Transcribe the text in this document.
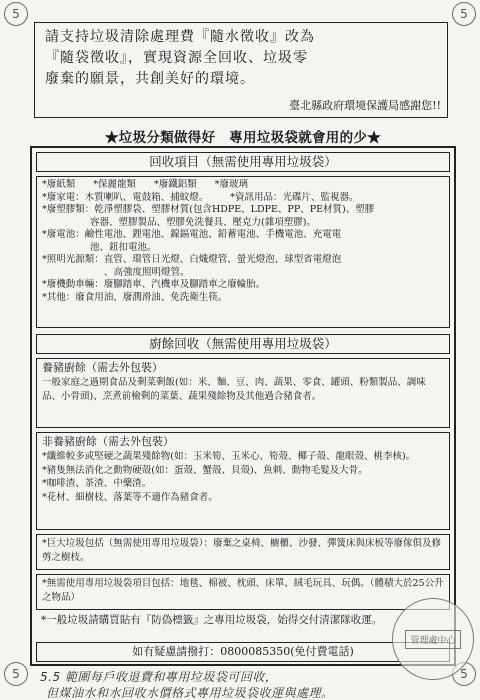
5	5
5	5

請支持垃圾清除處理費『隨水徵收』改為

『隨袋徵收』，實現資源全回收、垃圾零

廢棄的願景，共創美好的環境。

臺北縣政府環境保護局感謝您!!
★垃圾分類做得好　專用垃圾袋就會用的少★
回收項目（無需使用專用垃圾袋）
*廢紙類 *保麗龍類 *廢鐵鋁類 *廢玻璃
*廢家電：木質喇叭、電鼓箱、捕蚊燈。 *資訊用品：光碟片、監視器。
*廢塑膠類：乾淨塑膠袋、塑膠材質(包含HDPE、LDPE、PP、PE材質)、塑膠
容器、塑膠製品、塑膠免洗餐具、壓克力(雜項塑膠)。
*廢電池：鹼性電池、鋰電池、鎳鎘電池、鉛蓄電池、手機電池、充電電
池、鈕扣電池。
*照明光源類：直管、環管日光燈、白熾燈管、螢光燈泡、球型省電燈泡
、高強度照明燈管。
*廢機動車輛：廢腳踏車、汽機車及腳踏車之廢輪胎。
*其他：廢食用油、廢潤滑油、免洗衛生筷。
廚餘回收（無需使用專用垃圾袋）
養豬廚餘（需去外包裝）
一般家庭之過期食品及剩菜剩飯(如：米、麵、豆、肉、蔬果、零食、罐頭、粉類製品、調味品、小骨頭)、烹煮前檢剩的菜葉、蔬果殘餘物及其他過合豬食者。
非養豬廚餘（需去外包裝）
*纖維較多或堅硬之蔬果殘餘物(如：玉米筍、玉米心、筍殼、椰子殼、龍眼殼、桃李核)。
*豬隻無法消化之動物硬殼(如：蛋殼、蟹殼、貝殼)、魚刺、動物毛髮及大骨。
*咖啡渣、茶渣、中藥渣。
*花材、細樹枝、落葉等不適作為豬食者。
*巨大垃圾包括（無需使用專用垃圾袋）：廢棄之桌椅、櫥櫃、沙發、彈簧床與床板等廢傢俱及修剪之樹枝。
*無需使用專用垃圾袋項目包括：地毯、棉被、枕頭、床單、絨毛玩具、玩偶。（體積大於25公升之物品）
*一般垃圾請購買貼有『防偽標籤』之專用垃圾袋，始得交付清潔隊收運。
如有疑慮請撥打：0800085350(免付費電話)
管理處中心
5.5 範圍每戶收退費和專用垃圾袋可回收，
但煤油水和水回收水價格式專用垃圾袋收運與處理。
